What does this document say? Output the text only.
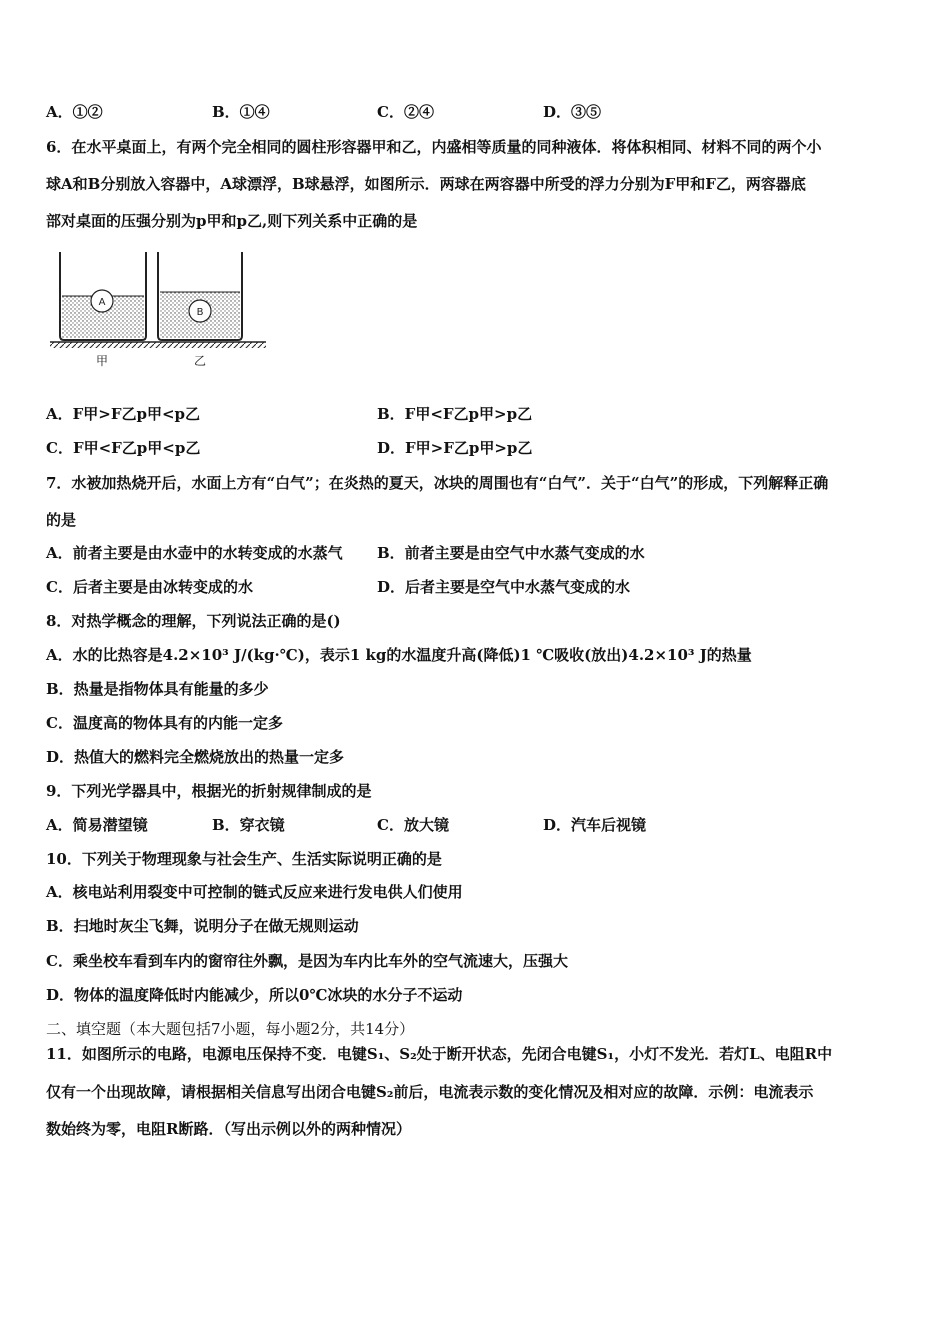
A．①②	B．①④	C．②④	D．③⑤
6．在水平桌面上，有两个完全相同的圆柱形容器甲和乙，内盛相等质量的同种液体．将体积相同、材料不同的两个小
球A和B分别放入容器中，A球漂浮，B球悬浮，如图所示．两球在两容器中所受的浮力分别为F甲和F乙，两容器底
部对桌面的压强分别为p甲和p乙,则下列关系中正确的是
A
B
甲	乙
A．F甲>F乙p甲<p乙	B．F甲<F乙p甲>p乙
C．F甲<F乙p甲<p乙	D．F甲>F乙p甲>p乙
7．水被加热烧开后，水面上方有“白气”；在炎热的夏天，冰块的周围也有“白气”．关于“白气”的形成，下列解释正确
的是
A．前者主要是由水壶中的水转变成的水蒸气 B．前者主要是由空气中水蒸气变成的水
C．后者主要是由冰转变成的水	D．后者主要是空气中水蒸气变成的水
8．对热学概念的理解，下列说法正确的是()
A．水的比热容是4.2×10³ J/(kg·℃)，表示1 kg的水温度升高(降低)1 ℃吸收(放出)4.2×10³ J的热量
B．热量是指物体具有能量的多少
C．温度高的物体具有的内能一定多
D．热值大的燃料完全燃烧放出的热量一定多
9．下列光学器具中，根据光的折射规律制成的是
A．简易潜望镜	B．穿衣镜	C．放大镜	D．汽车后视镜
10．下列关于物理现象与社会生产、生活实际说明正确的是
A．核电站利用裂变中可控制的链式反应来进行发电供人们使用
B．扫地时灰尘飞舞，说明分子在做无规则运动
C．乘坐校车看到车内的窗帘往外飘，是因为车内比车外的空气流速大，压强大
D．物体的温度降低时内能减少，所以0℃冰块的水分子不运动
二、填空题（本大题包括7小题，每小题2分，共14分）
11．如图所示的电路，电源电压保持不变．电键S₁、S₂处于断开状态，先闭合电键S₁，小灯不发光．若灯L、电阻R中
仅有一个出现故障，请根据相关信息写出闭合电键S₂前后，电流表示数的变化情况及相对应的故障．示例：电流表示
数始终为零，电阻R断路．（写出示例以外的两种情况）
